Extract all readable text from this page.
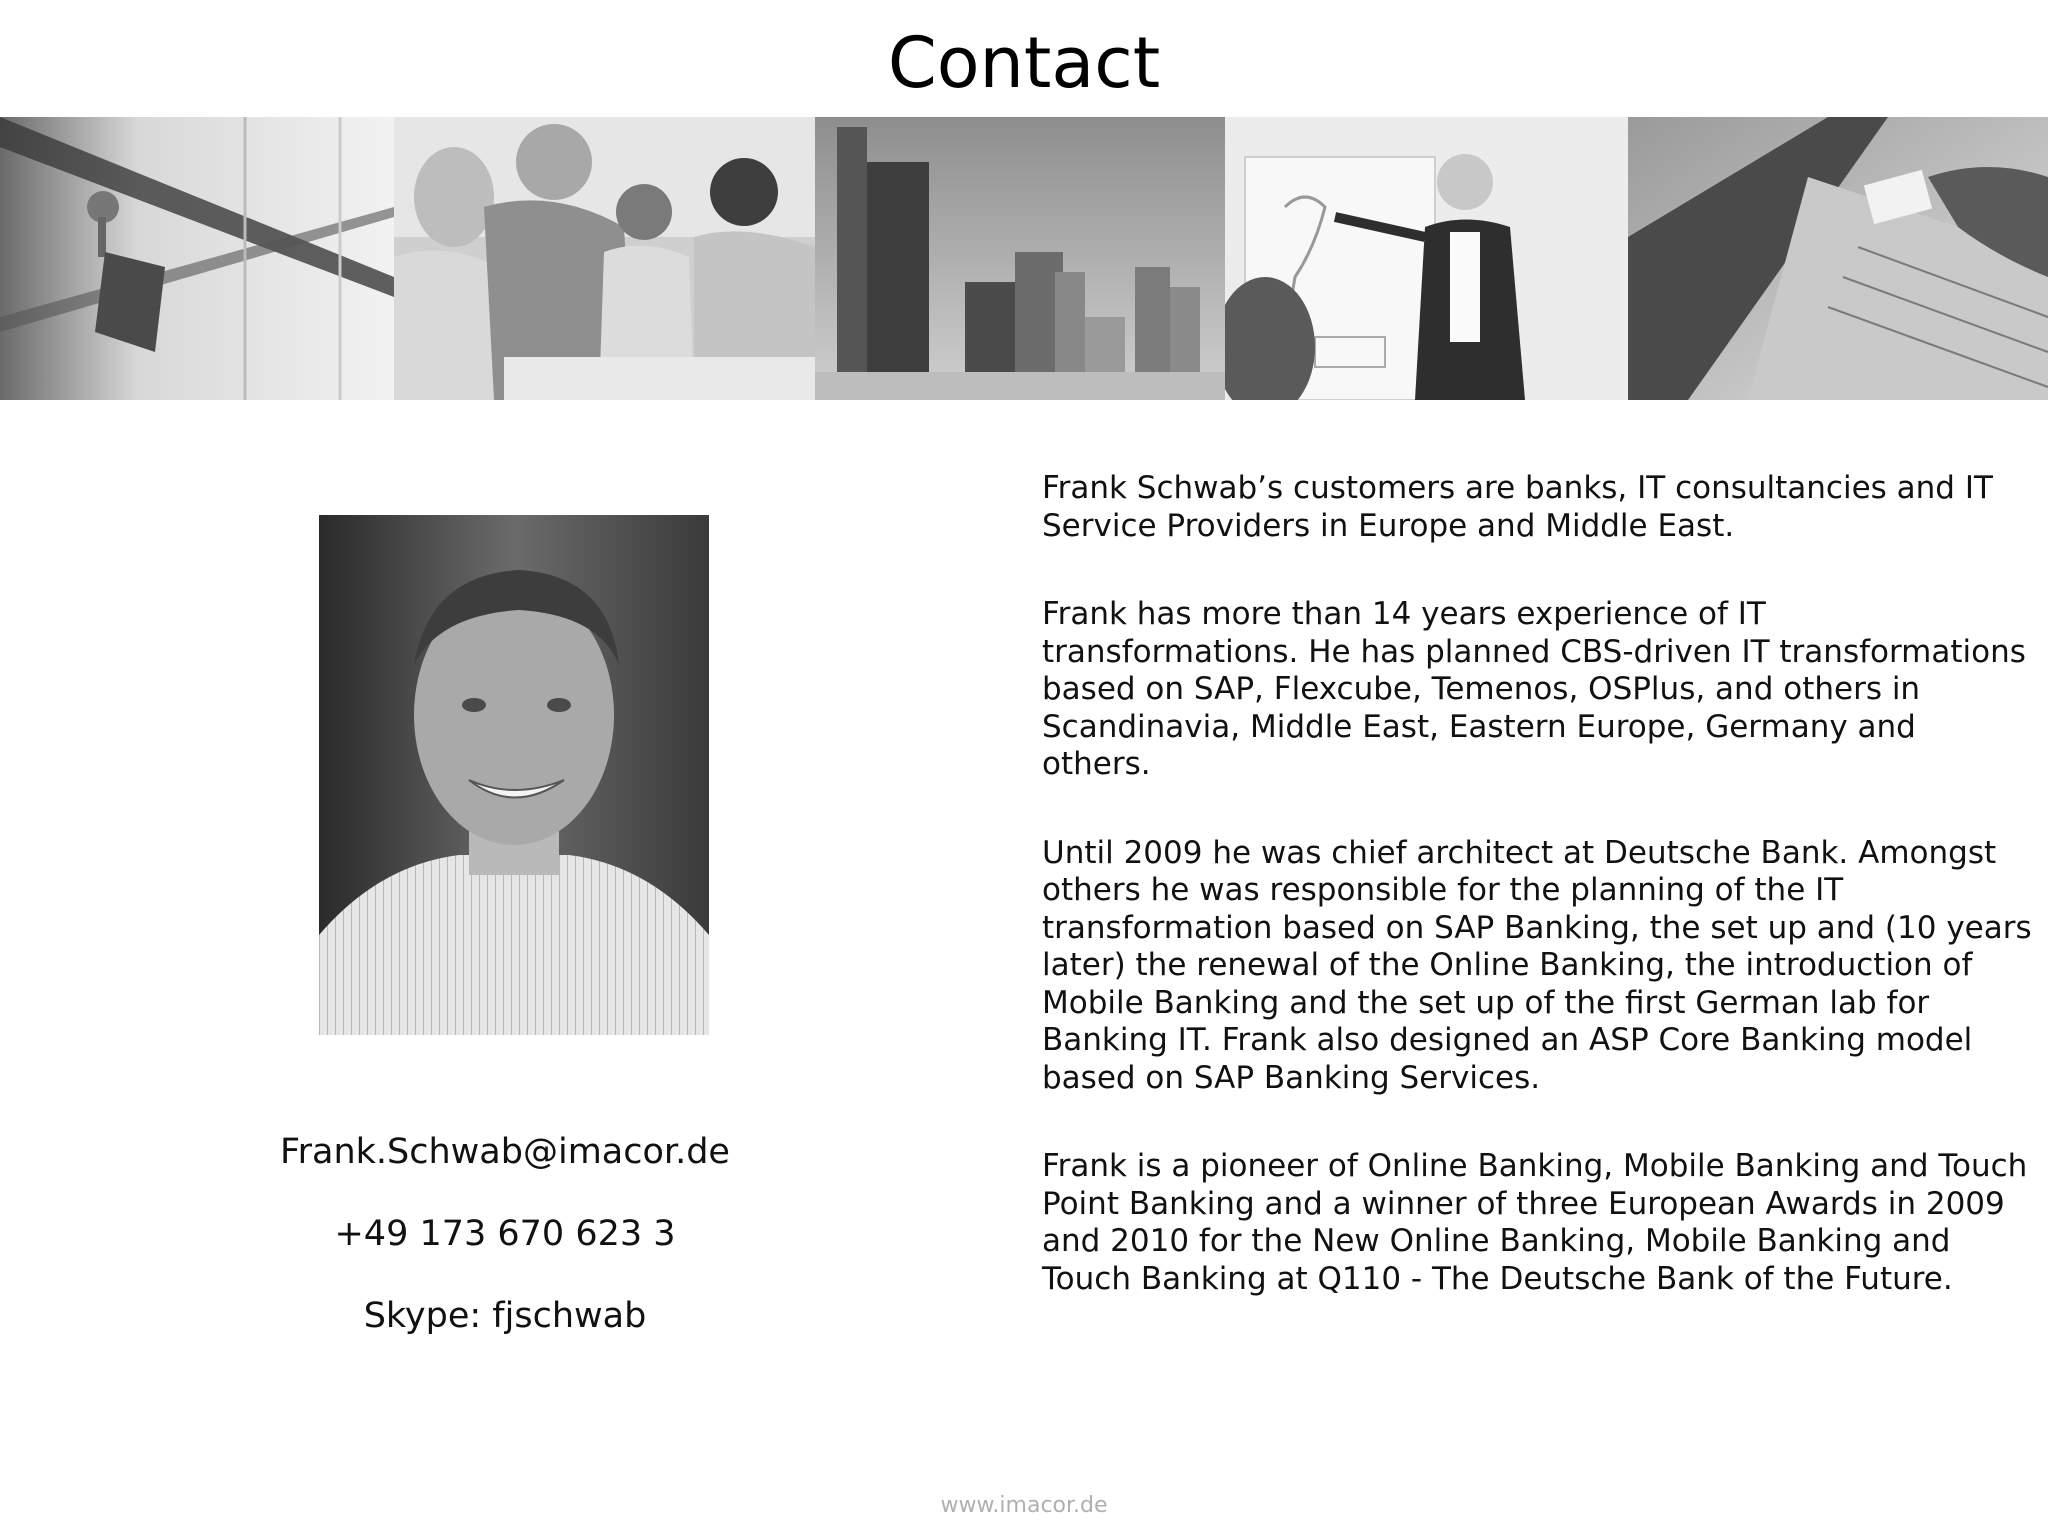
Contact
Frank.Schwab@imacor.de
+49 173 670 623 3
Skype: fjschwab

Frank Schwab’s customers are banks, IT consultancies and IT Service Providers in Europe and Middle East.

Frank has more than 14 years experience of IT transformations. He has planned CBS-driven IT transformations based on SAP, Flexcube, Temenos, OSPlus, and others in Scandinavia, Middle East, Eastern Europe, Germany and others.

Until 2009 he was chief architect at Deutsche Bank. Amongst others he was responsible for the planning of the IT transformation based on SAP Banking, the set up and (10 years later) the renewal of the Online Banking, the introduction of Mobile Banking and the set up of the first German lab for Banking IT. Frank also designed an ASP Core Banking model based on SAP Banking Services.

Frank is a pioneer of Online Banking, Mobile Banking and Touch Point Banking and a winner of three European Awards in 2009 and 2010 for the New Online Banking, Mobile Banking and Touch Banking at Q110 - The Deutsche Bank of the Future.

www.imacor.de
